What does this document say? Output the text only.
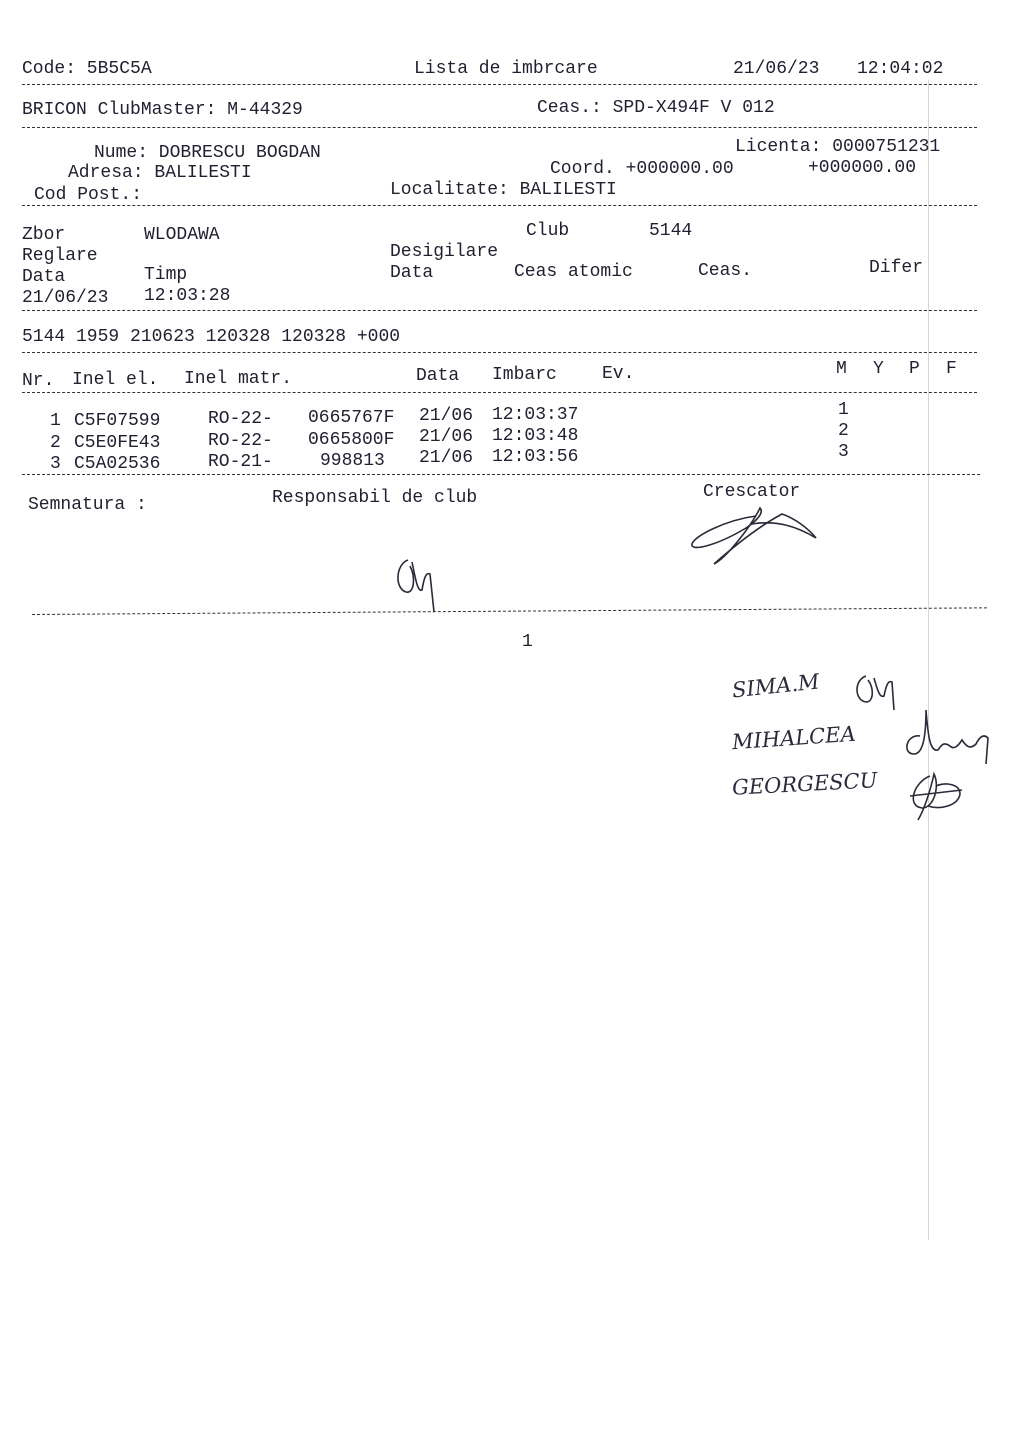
Code: 5B5C5A	Lista de imbrcare	21/06/23 12:04:02
BRICON ClubMaster: M-44329	Ceas.: SPD-X494F V 012
Nume: DOBRESCU BOGDAN
Adresa: BALILESTI
Cod Post.:
Licenta: 0000751231
Coord. +000000.00	+000000.00
Localitate: BALILESTI
Zbor	WLODAWA	Club	5144
Reglare	Desigilare
Data	Timp	Data	Ceas atomic	Ceas.	Difer
21/06/23 12:03:28
5144 1959 210623 120328 120328 +000
Nr. Inel el. Inel matr.	Data Imbarc	Ev.	M Y P F
1 C5F07599	RO-22- 0665767F 21/06 12:03:37	1
2 C5E0FE43	RO-22- 0665800F 21/06 12:03:48	2
3 C5A02536	RO-21-	998813 21/06 12:03:56	3
Semnatura :	Responsabil de club	Crescator
1
SIMA.M
MIHALCEA
GEORGESCU
